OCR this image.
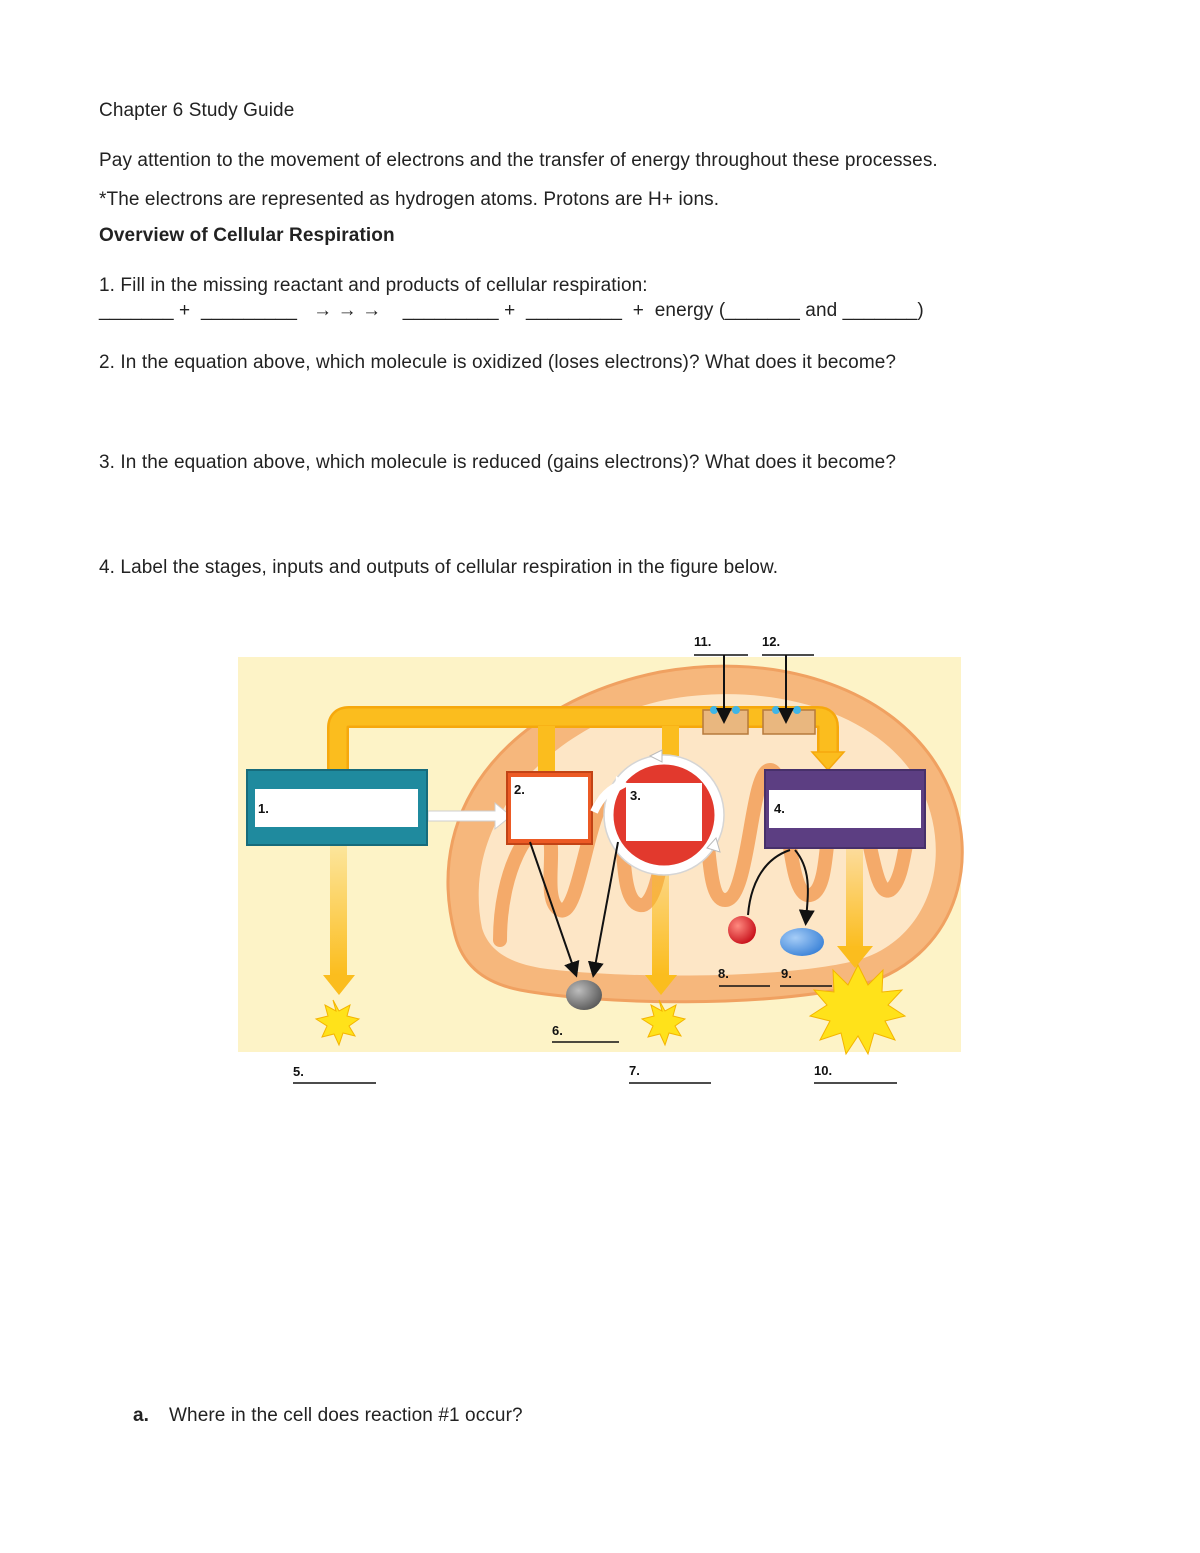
Chapter 6 Study Guide
Pay attention to the movement of electrons and the transfer of energy throughout these processes.
*The electrons are represented as hydrogen atoms. Protons are H+ ions.
Overview of Cellular Respiration
1. Fill in the missing reactant and products of cellular respiration:
_______ +  _________   → → →    _________ +  _________  +  energy (_______ and _______)
2. In the equation above, which molecule is oxidized (loses electrons)? What does it become?
3. In the equation above, which molecule is reduced (gains electrons)? What does it become?
4. Label the stages, inputs and outputs of cellular respiration in the figure below.
a. Where in the cell does reaction #1 occur?
1.
2.	3.
4.
5.
6.
7.
8.	9.
10.
11.	12.
